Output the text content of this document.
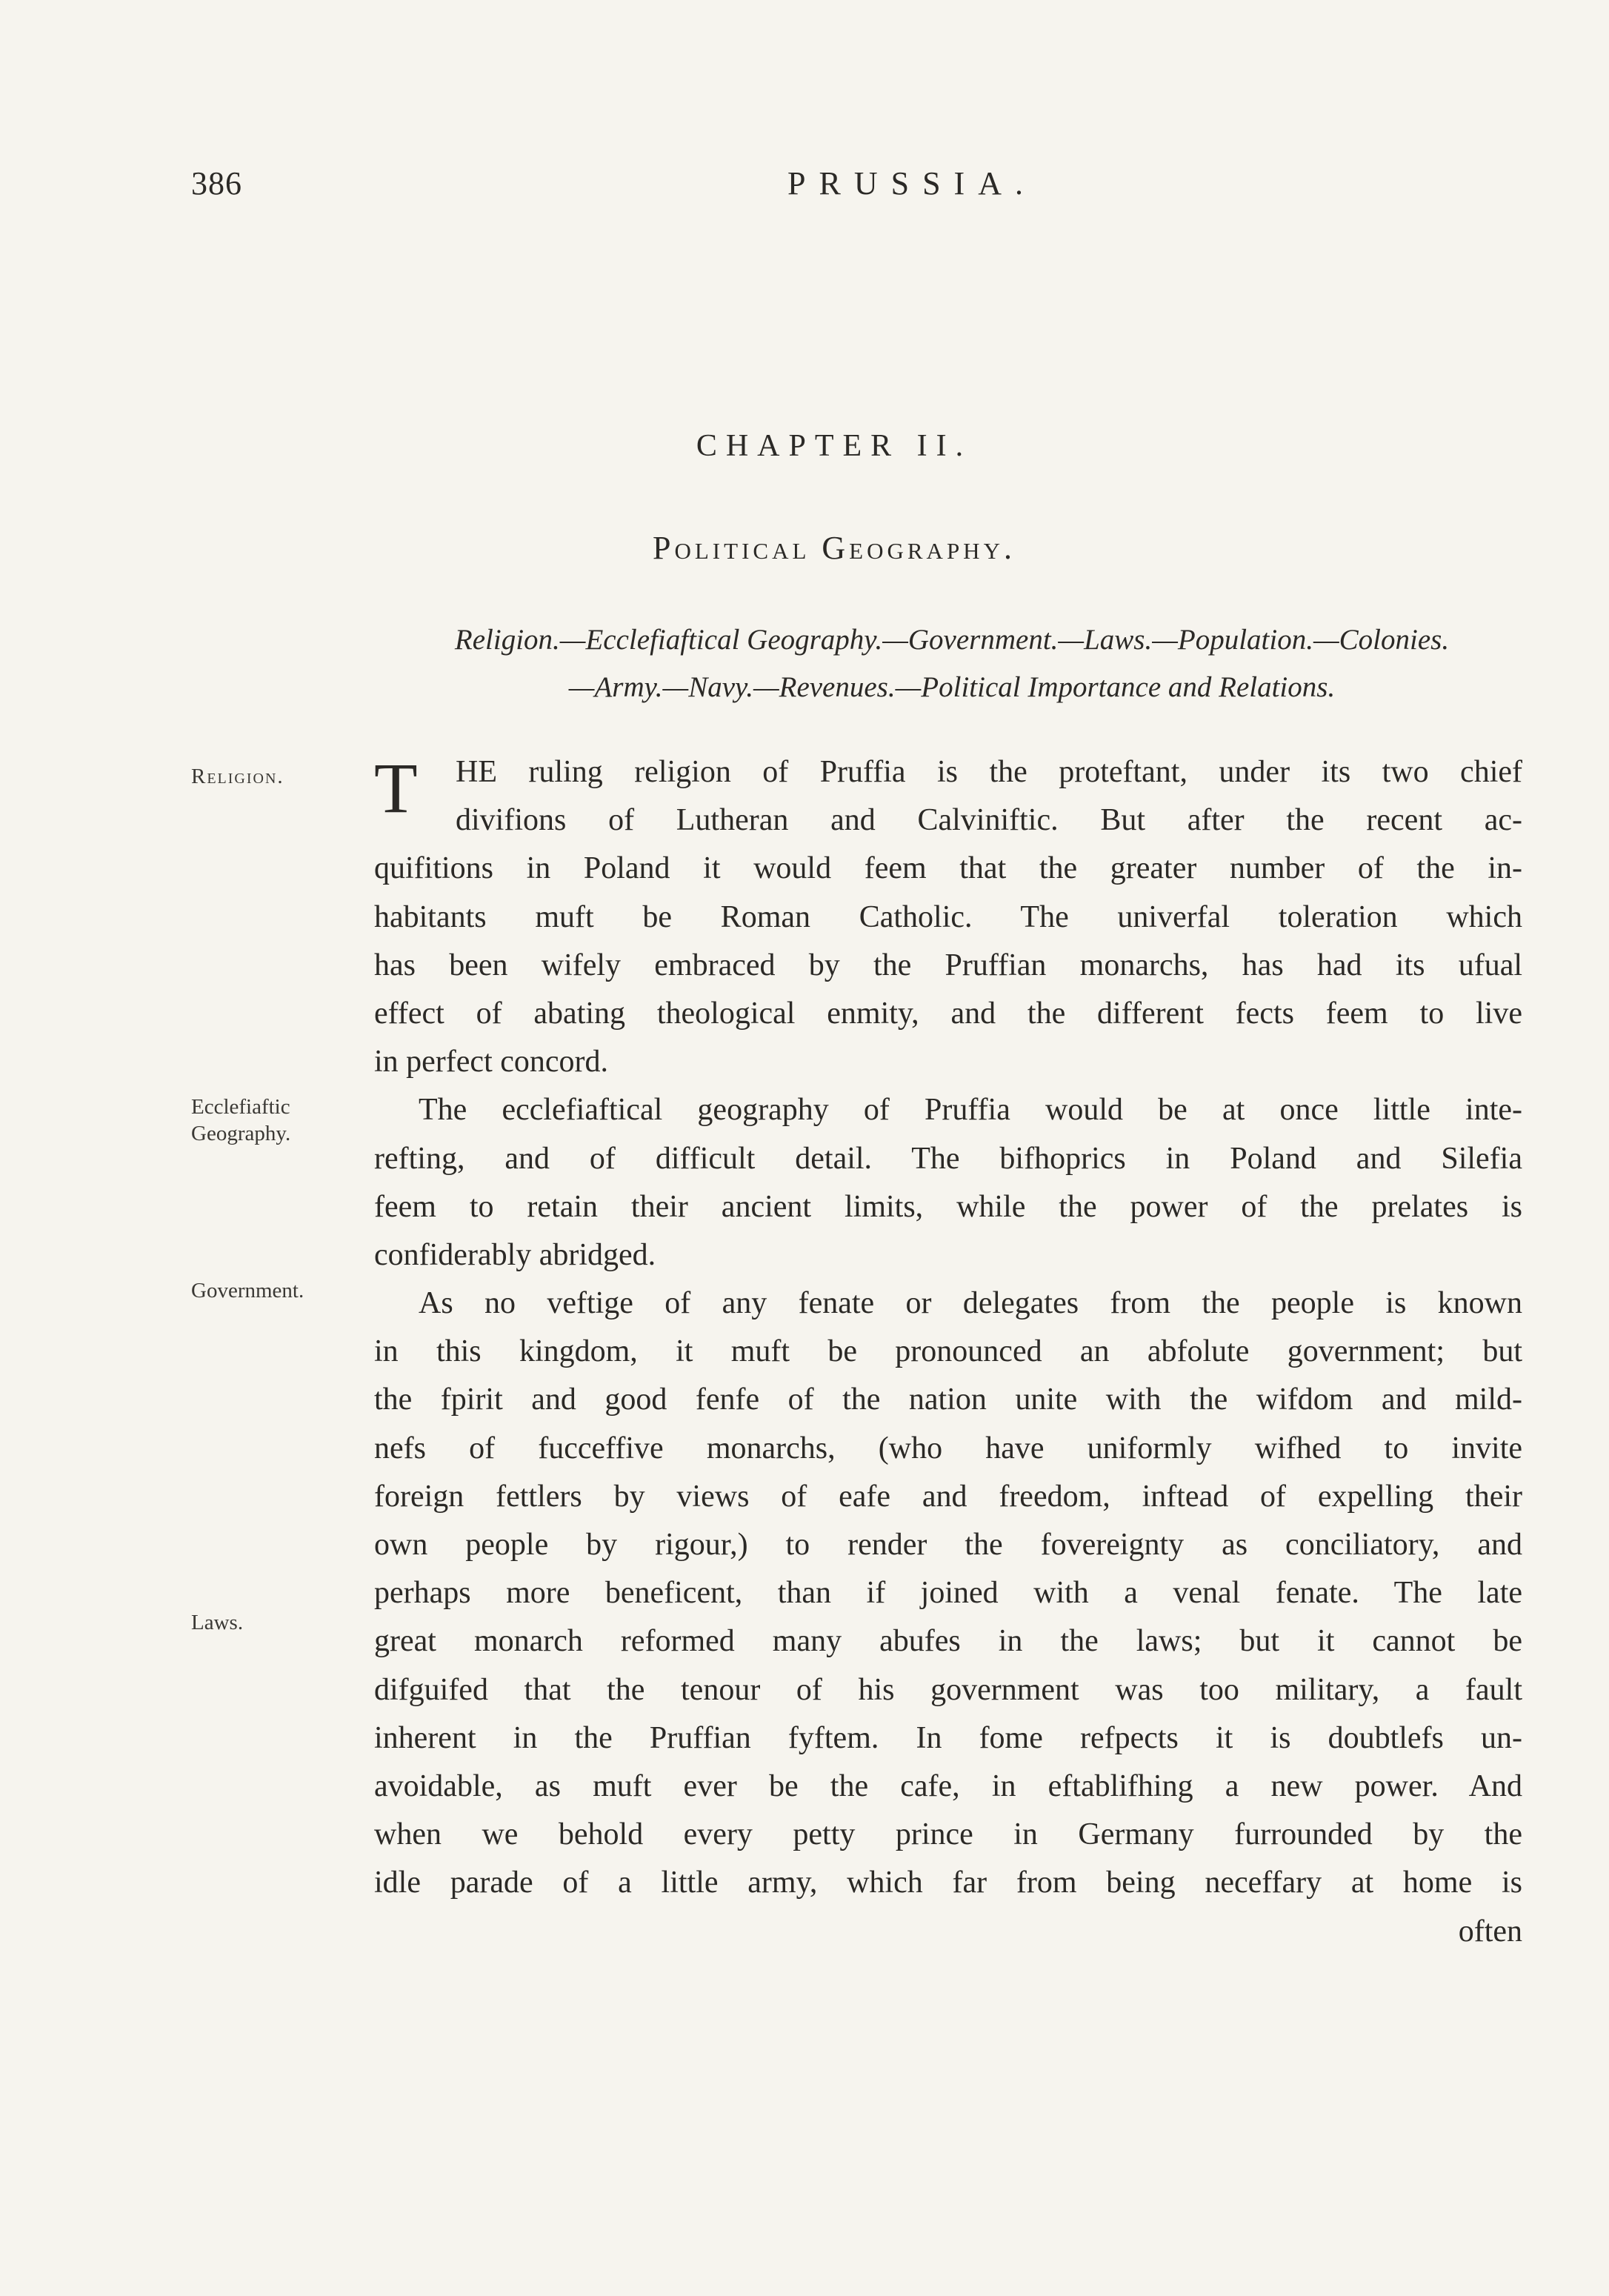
386	PRUSSIA.
CHAPTER II.
Political Geography.
Religion.—Ecclefiaftical Geography.—Government.—Laws.—Population.—Colonies.
—Army.—Navy.—Revenues.—Political Importance and Relations.
Religion.
Ecclefiaftic
Geography.
Government.
Laws.
T	HE ruling religion of Pruffia is the proteftant, under its two chief
divifions of Lutheran and Calviniftic. But after the recent ac-
quifitions in Poland it would feem that the greater number of the in-
habitants muft be Roman Catholic. The univerfal toleration which
has been wifely embraced by the Pruffian monarchs, has had its ufual
effect of abating theological enmity, and the different fects feem to live
in perfect concord.
The ecclefiaftical geography of Pruffia would be at once little inte-
refting, and of difficult detail. The bifhoprics in Poland and Silefia
feem to retain their ancient limits, while the power of the prelates is
confiderably abridged.
As no veftige of any fenate or delegates from the people is known
in this kingdom, it muft be pronounced an abfolute government; but
the fpirit and good fenfe of the nation unite with the wifdom and mild-
nefs of fucceffive monarchs, (who have uniformly wifhed to invite
foreign fettlers by views of eafe and freedom, inftead of expelling their
own people by rigour,) to render the fovereignty as conciliatory, and
perhaps more beneficent, than if joined with a venal fenate. The late
great monarch reformed many abufes in the laws; but it cannot be
difguifed that the tenour of his government was too military, a fault
inherent in the Pruffian fyftem. In fome refpects it is doubtlefs un-
avoidable, as muft ever be the cafe, in eftablifhing a new power. And
when we behold every petty prince in Germany furrounded by the
idle parade of a little army, which far from being neceffary at home is
often
